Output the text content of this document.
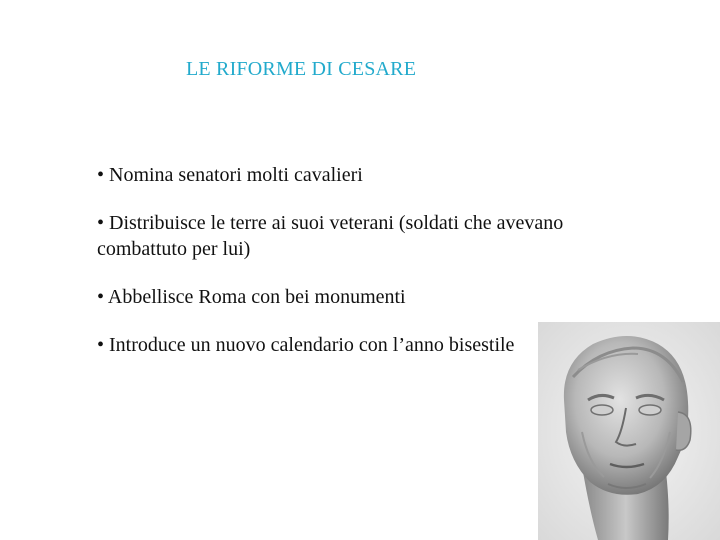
LE RIFORME DI CESARE
• Nomina senatori molti cavalieri
• Distribuisce le terre ai suoi veterani (soldati che avevano combattuto per lui)
• Abbellisce Roma con bei monumenti
• Introduce un nuovo calendario con l’anno bisestile
